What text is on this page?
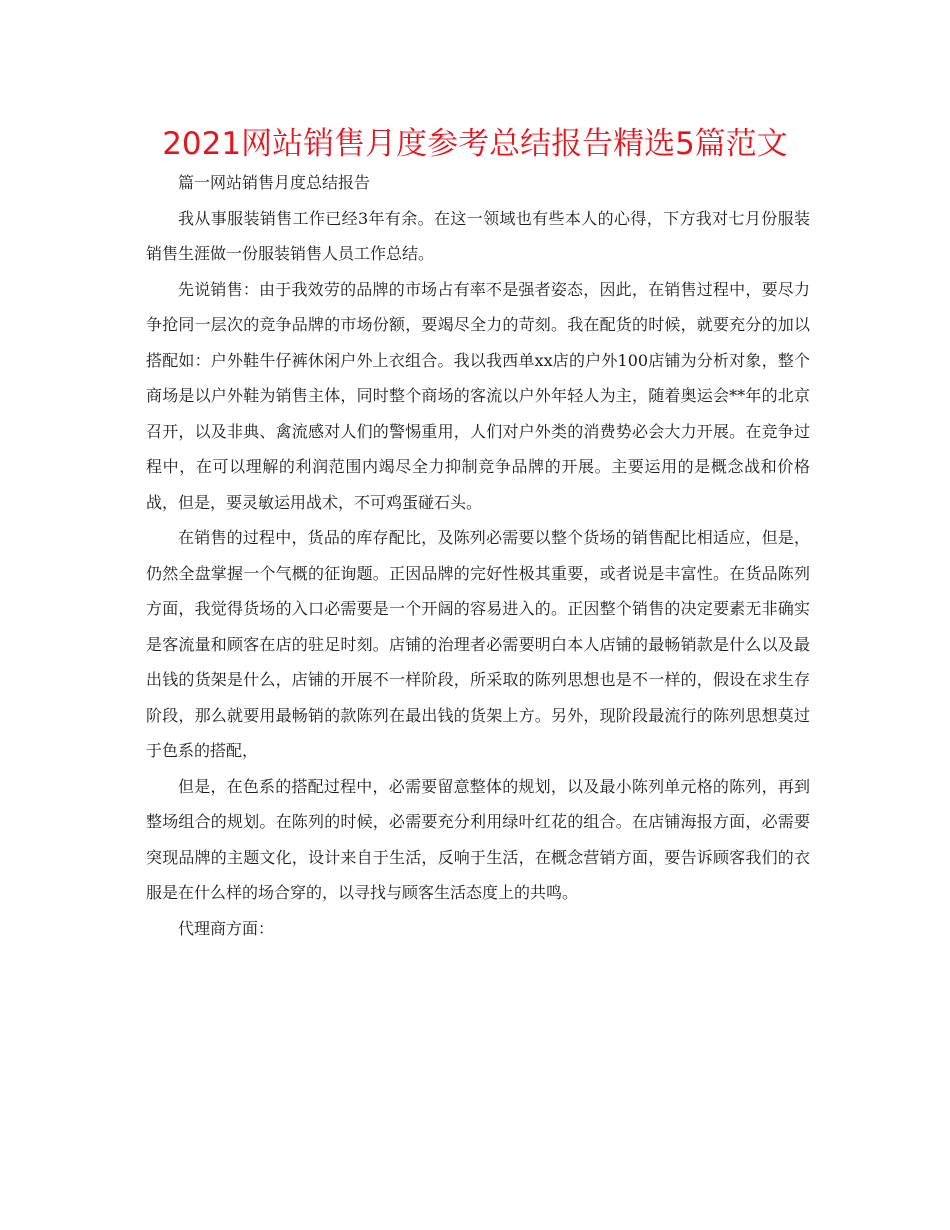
2021网站销售月度参考总结报告精选5篇范文

篇一网站销售月度总结报告

我从事服装销售工作已经3年有余。在这一领域也有些本人的心得，下方我对七月份服装销售生涯做一份服装销售人员工作总结。

先说销售：由于我效劳的品牌的市场占有率不是强者姿态，因此，在销售过程中，要尽力争抢同一层次的竞争品牌的市场份额，要竭尽全力的苛刻。我在配货的时候，就要充分的加以搭配如：户外鞋牛仔裤休闲户外上衣组合。我以我西单xx店的户外100店铺为分析对象，整个商场是以户外鞋为销售主体，同时整个商场的客流以户外年轻人为主，随着奥运会**年的北京召开，以及非典、禽流感对人们的警惕重用，人们对户外类的消费势必会大力开展。在竞争过程中，在可以理解的利润范围内竭尽全力抑制竞争品牌的开展。主要运用的是概念战和价格战，但是，要灵敏运用战术，不可鸡蛋碰石头。

在销售的过程中，货品的库存配比，及陈列必需要以整个货场的销售配比相适应，但是，仍然全盘掌握一个气概的征询题。正因品牌的完好性极其重要，或者说是丰富性。在货品陈列方面，我觉得货场的入口必需要是一个开阔的容易进入的。正因整个销售的决定要素无非确实是客流量和顾客在店的驻足时刻。店铺的治理者必需要明白本人店铺的最畅销款是什么以及最出钱的货架是什么，店铺的开展不一样阶段，所采取的陈列思想也是不一样的，假设在求生存阶段，那么就要用最畅销的款陈列在最出钱的货架上方。另外，现阶段最流行的陈列思想莫过于色系的搭配，

但是，在色系的搭配过程中，必需要留意整体的规划，以及最小陈列单元格的陈列，再到整场组合的规划。在陈列的时候，必需要充分利用绿叶红花的组合。在店铺海报方面，必需要突现品牌的主题文化，设计来自于生活，反响于生活，在概念营销方面，要告诉顾客我们的衣服是在什么样的场合穿的，以寻找与顾客生活态度上的共鸣。

代理商方面：
